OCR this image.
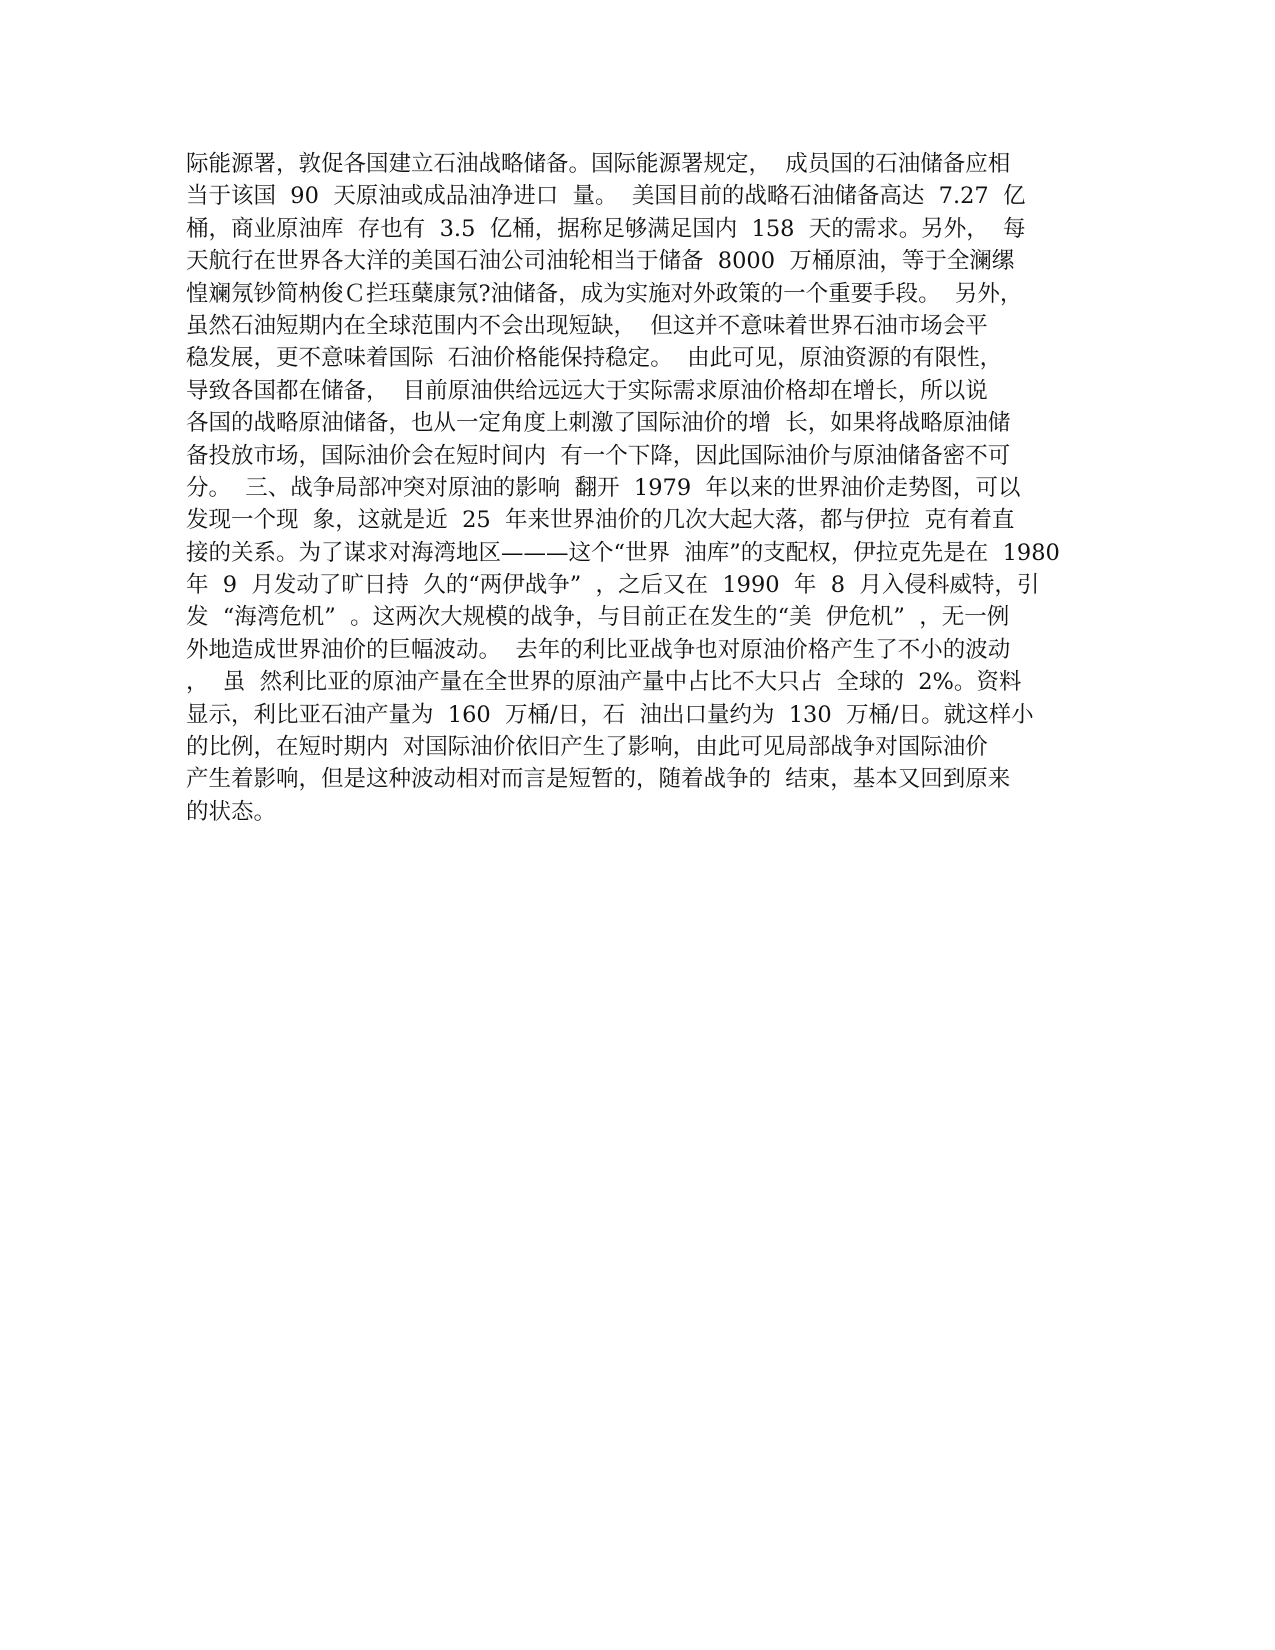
际能源署，敦促各国建立石油战略储备。国际能源署规定，  成员国的石油储备应相
当于该国  90  天原油或成品油净进口  量。  美国目前的战略石油储备高达  7.27  亿
桶，商业原油库  存也有  3.5  亿桶，据称足够满足国内  158  天的需求。另外，  每
天航行在世界各大洋的美国石油公司油轮相当于储备  8000  万桶原油，等于全澜缧
惶斓氖钞简枘俊Ｃ拦珏蘖康氖?油储备，成为实施对外政策的一个重要手段。  另外，
虽然石油短期内在全球范围内不会出现短缺，  但这并不意味着世界石油市场会平
稳发展，更不意味着国际  石油价格能保持稳定。  由此可见，原油资源的有限性，
导致各国都在储备，  目前原油供给远远大于实际需求原油价格却在增长，所以说
各国的战略原油储备，也从一定角度上刺激了国际油价的增  长，如果将战略原油储
备投放市场，国际油价会在短时间内  有一个下降，因此国际油价与原油储备密不可
分。  三、战争局部冲突对原油的影响  翻开  1979  年以来的世界油价走势图，可以
发现一个现  象，这就是近  25  年来世界油价的几次大起大落，都与伊拉  克有着直
接的关系。为了谋求对海湾地区———这个“世界  油库”的支配权，伊拉克先是在  1980
年  9  月发动了旷日持  久的“两伊战争”  ，之后又在  1990  年  8  月入侵科威特，引
发  “海湾危机”  。这两次大规模的战争，与目前正在发生的“美  伊危机”  ，无一例
外地造成世界油价的巨幅波动。  去年的利比亚战争也对原油价格产生了不小的波动
，  虽  然利比亚的原油产量在全世界的原油产量中占比不大只占  全球的  2%。资料
显示，利比亚石油产量为  160  万桶/日，石  油出口量约为  130  万桶/日。就这样小
的比例，在短时期内  对国际油价依旧产生了影响，由此可见局部战争对国际油价
产生着影响，但是这种波动相对而言是短暂的，随着战争的  结束，基本又回到原来
的状态。
